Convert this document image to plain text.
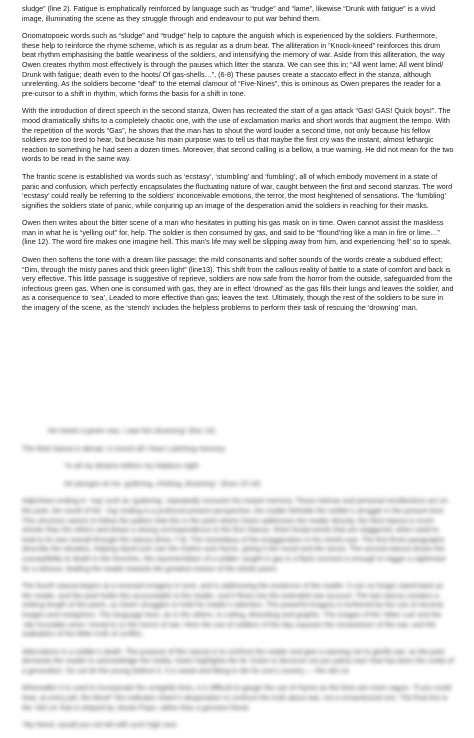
sludge” (line 2). Fatigue is emphatically reinforced by language such as “trudge” and “lame”, likewise “Drunk with fatigue” is a vivid image, illuminating the scene as they struggle through and endeavour to put war behind them.

Onomatopoeic words such as “sludge” and “trudge” help to capture the anguish which is experienced by the soldiers. Furthermore, these help to reinforce the rhyme scheme, which is as regular as a drum beat. The alliteration in “Knock-kneed” reinforces this drum beat rhythm emphasising the battle weariness of the soldiers, and intensifying the memory of war. Aside from this alliteration, the way Owen creates rhythm most effectively is through the pauses which litter the stanza. We can see this in; “All went lame; All went blind/ Drunk with fatigue; death even to the hoots/ Of gas-shells…”, (6-8) These pauses create a staccato effect in the stanza, although unrelenting. As the soldiers become “deaf” to the eternal clamour of “Five-Nines”, this is ominous as Owen prepares the reader for a pre-cursor to a shift in rhythm, which forms the basis for a shift in tone.

With the introduction of direct speech in the second stanza, Owen has recreated the start of a gas attack “Gas! GAS! Quick boys!”. The mood dramatically shifts to a completely chaotic one, with the use of exclamation marks and short words that augment the tempo. With the repetition of the words “Gas”, he shows that the man has to shout the word louder a second time, not only because his fellow soldiers are too tired to hear, but because his main purpose was to tell us that maybe the first cry was the instant, almost lethargic reaction to something he had seen a dozen times. Moreover, that second calling is a bellow, a true warning. He did not mean for the two words to be read in the same way.

The frantic scene is established via words such as ‘ecstasy’, ‘stumbling’ and ‘fumbling’, all of which embody movement in a state of panic and confusion, which perfectly encapsulates the fluctuating nature of war, caught between the first and second stanzas. The word ‘ecstasy’ could really be referring to the soldiers’ inconceivable emotions, the terror, the most heightened of sensations. The ‘fumbling’ signifies the soldiers state of panic, while conjuring up an image of the desperation amid the soldiers in reaching for their masks.

Owen then writes about the bitter scene of a man who hesitates in putting his gas mask on in time. Owen cannot assist the maskless man in what he is “yelling out” for, help. The soldier is then consumed by gas, and said to be “flound’ring like a man in fire or lime…” (line 12). The word fire makes one imagine hell. This man’s life may well be slipping away from him, and experiencing ‘hell’ so to speak.

Owen then softens the tone with a dream like passage; the mild consonants and softer sounds of the words create a subdued effect; “Dim, through the misty panes and thick green light” (line13). This shift from the callous reality of battle to a state of comfort and back is very effective. This little passage is suggestive of reprieve, soldiers are now safe from the horror from the outside, safeguarded from the infectious green gas. When one is consumed with gas, they are in effect ‘drowned’ as the gas fills their lungs and leaves the soldier, and as a consequence to ‘sea’, Leaded to more effective than gas; leaves the text. Ultimately, though the rest of the soldiers to be sure in the imagery of the scene, as the ‘stench’ includes the helpless problems to perform their task of rescuing the ‘drowning’ man.

He meets a green sea, I saw him drowning” (line 14).

The third stanza is abrupt, in recent all I hear’s pitching memory;

“In all my dreams before my helpless sight

He plunges at me, guttering, choking, drowning”. (lines 15-16)

Adjectives ending in ‘-ing’ such as ‘guttering’, repeatedly recounts his instant memory. These intense and personal recollections act on the poet, the result of the ‘-ing’ ending is a profound present perspective, the reader beholds the soldier’s struggle in the present time. This structure seems to follow the pattern that this is the point where Owen addresses the reader directly, the third stanza is much shorter than the others and draws a strong correspondence to the first Stanza. Short brutal words that are staggered, when need to lead to its own overall through the stanza (lines 7-9). The immediacy of the exaggeration in his mind’s eye. The first three paragraphs describe the situation, helping stand over war the rhythm and rhyme, giving it the mood and the sense. The second stanza shows the susceptibility to death in the trenches, the representation of a soldier caught in gas in a flash moment is enough to trigger a nightmare for a witness, leading the reader towards the greatest reason of the whole poem.

The fourth stanza begins at a resonant imagery in tone, and is addressing the existence of the reader. It can no longer stand back as the reader, and the poet holds this accountable to the reader, and it flows into the extended war account. The last stanza contains a striking length of the poem, as Owen struggles to hold his reader’s attention. The powerful imagery is furthered by the use of visceral images and metaphors. The language here, as in the others, is cutting, disturbing and graphic. The images of the ‘bitter cud’ and the ‘vile incurable sores’ reveal to us the horror of war. Here the use of soldiers of the day exposes the romanticism of the war, and the realisation of the bitter truth of conflict.

Altercations in a soldier’s death. The purpose of this stanza is to confront the reader and give a warning not to glorify war, as the poet demands the reader to acknowledge the reality. Owen highlights the lie ‘Dulce et decorum est pro patria mori’ that has been the motto of a generation. Do not let the young believe it. It is sweet and fitting to die for one’s country — the old Lie.

Whereafter it is used to incorporate the unsightly lines, it is difficult to gauge the use of rhyme as the lines are more vague. “If you could hear, at every jolt, the blood” this indicates Owen’s desperation to confront the truth about war, not a romanticized one. The final line is the ‘old Lie’ that is relayed by Jessie Pope, rather than a genuine friend.

“My friend, would you not tell with such high zest
